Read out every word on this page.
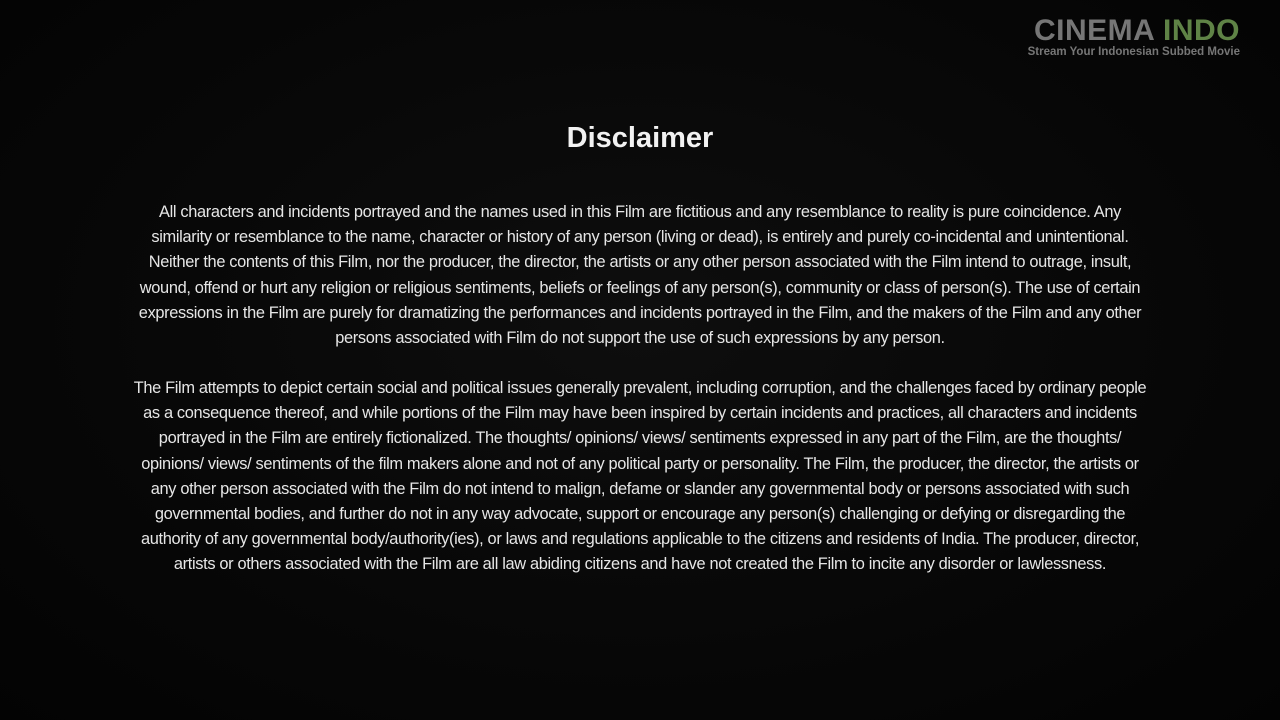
CINEMA INDO
Stream Your Indonesian Subbed Movie
Disclaimer
All characters and incidents portrayed and the names used in this Film are fictitious and any resemblance to reality is pure coincidence. Any similarity or resemblance to the name, character or history of any person (living or dead), is entirely and purely co-incidental and unintentional. Neither the contents of this Film, nor the producer, the director, the artists or any other person associated with the Film intend to outrage, insult, wound, offend or hurt any religion or religious sentiments, beliefs or feelings of any person(s), community or class of person(s). The use of certain expressions in the Film are purely for dramatizing the performances and incidents portrayed in the Film, and the makers of the Film and any other persons associated with Film do not support the use of such expressions by any person.
The Film attempts to depict certain social and political issues generally prevalent, including corruption, and the challenges faced by ordinary people as a consequence thereof, and while portions of the Film may have been inspired by certain incidents and practices, all characters and incidents portrayed in the Film are entirely fictionalized. The thoughts/ opinions/ views/ sentiments expressed in any part of the Film, are the thoughts/ opinions/ views/ sentiments of the film makers alone and not of any political party or personality. The Film, the producer, the director, the artists or any other person associated with the Film do not intend to malign, defame or slander any governmental body or persons associated with such governmental bodies, and further do not in any way advocate, support or encourage any person(s) challenging or defying or disregarding the authority of any governmental body/authority(ies), or laws and regulations applicable to the citizens and residents of India. The producer, director, artists or others associated with the Film are all law abiding citizens and have not created the Film to incite any disorder or lawlessness.
